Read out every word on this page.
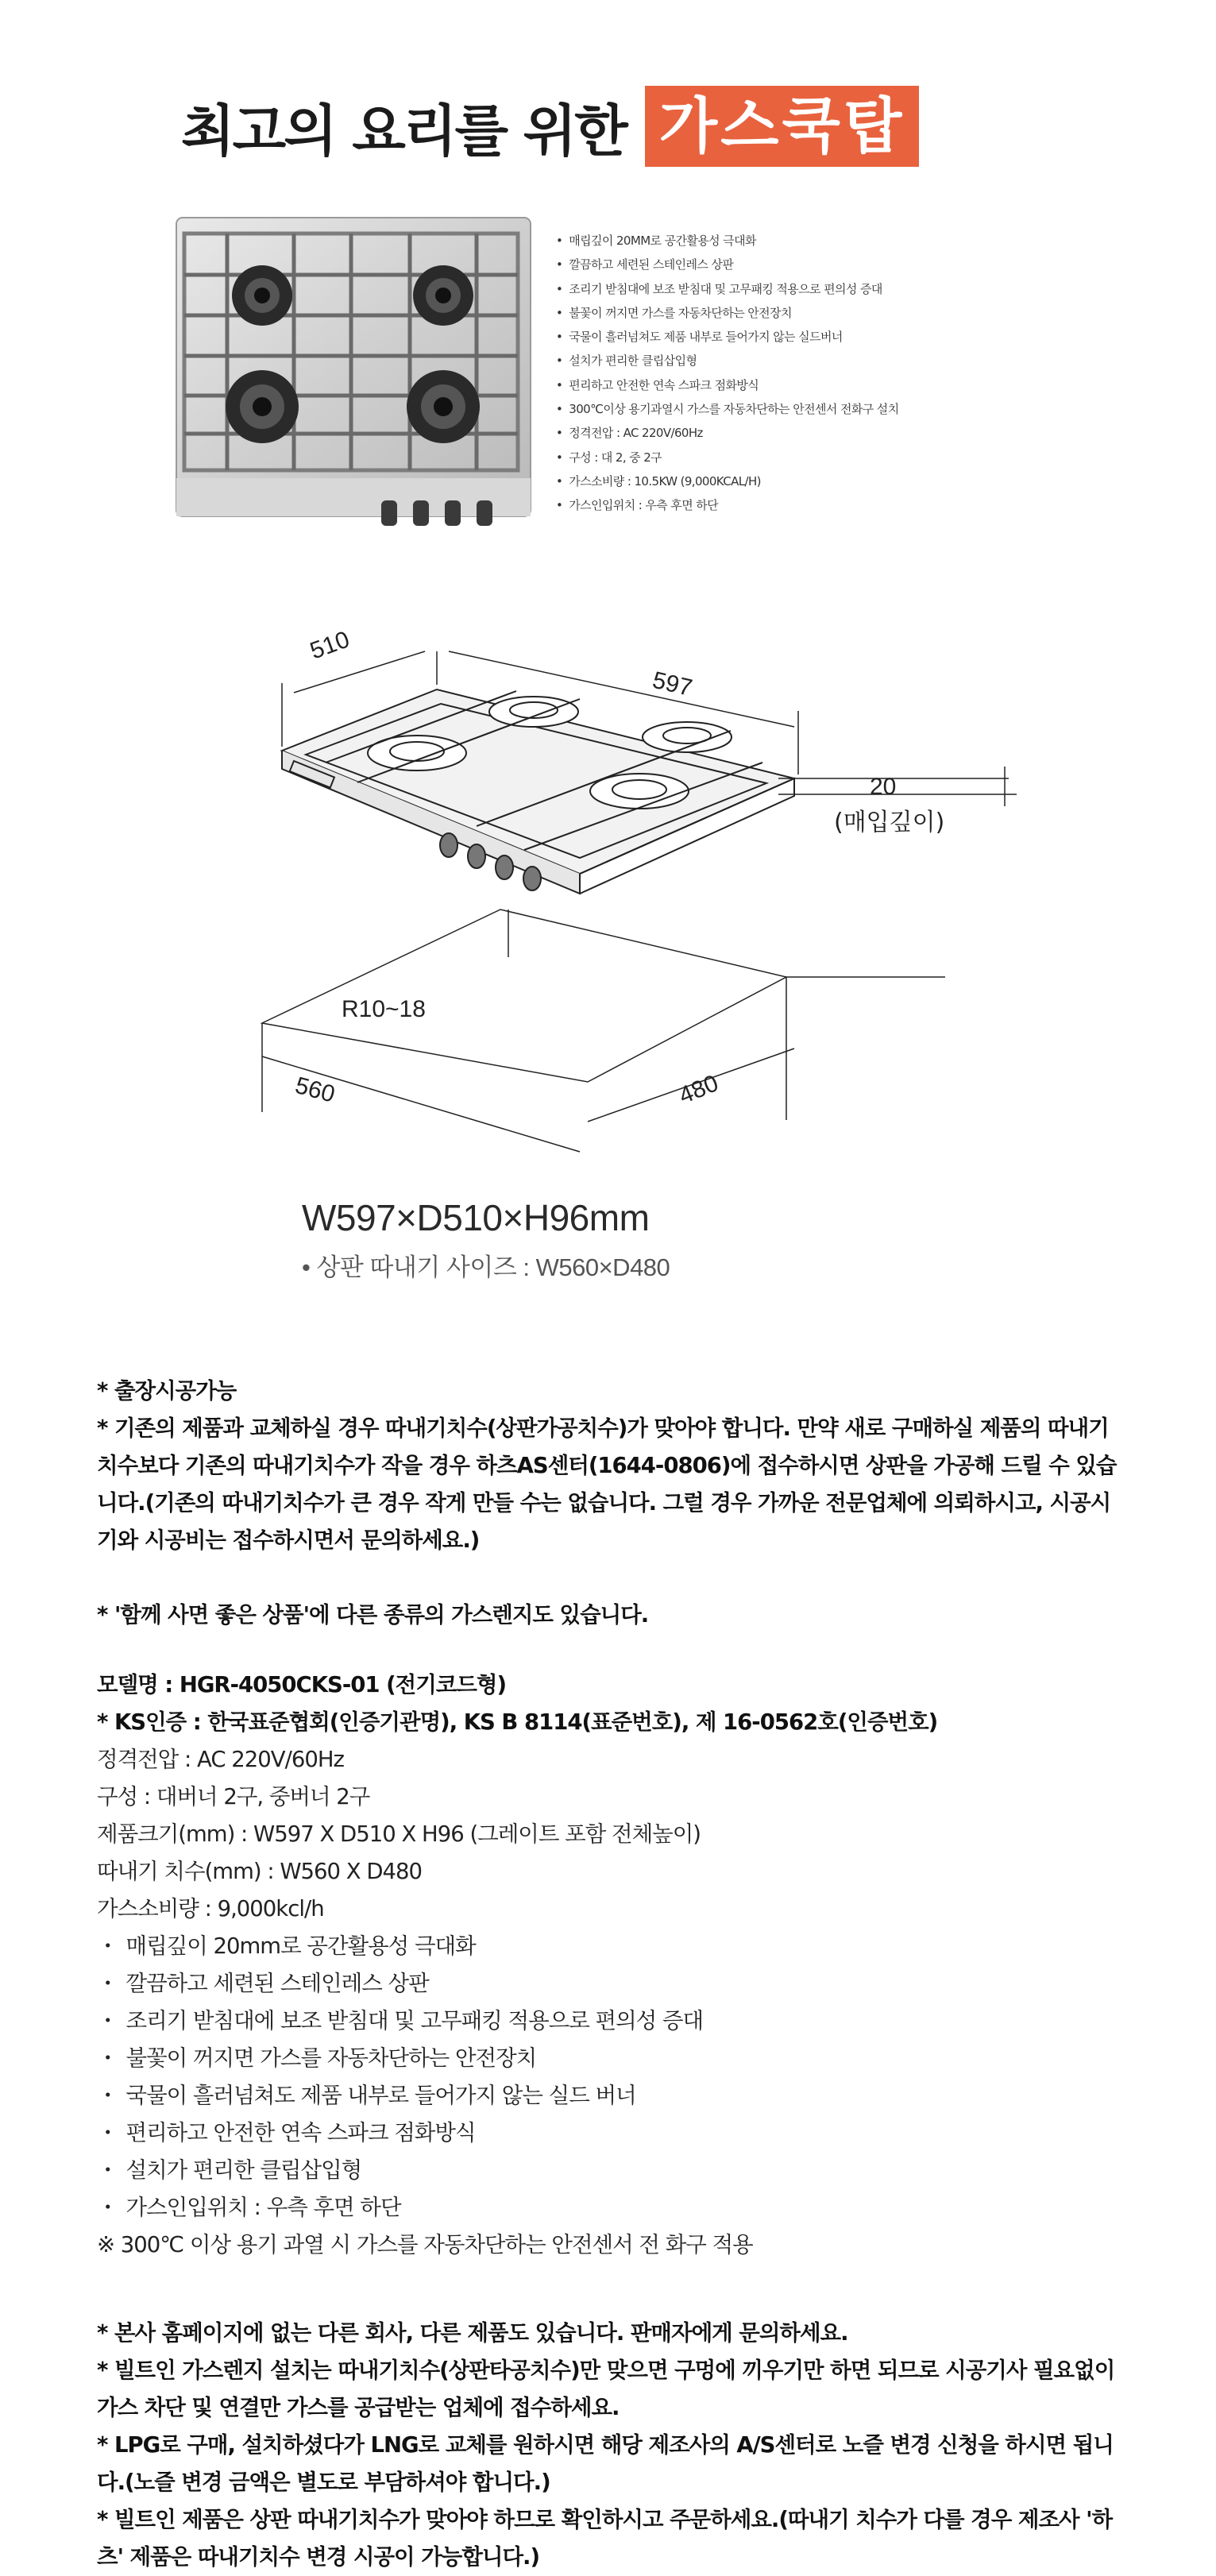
최고의 요리를 위한 가스쿡탑
• 매립깊이 20MM로 공간활용성 극대화
• 깔끔하고 세련된 스테인레스 상판
• 조리기 받침대에 보조 받침대 및 고무패킹 적용으로 편의성 증대
• 불꽃이 꺼지면 가스를 자동차단하는 안전장치
• 국물이 흘러넘쳐도 제품 내부로 들어가지 않는 실드버너
• 설치가 편리한 클립삽입형
• 편리하고 안전한 연속 스파크 점화방식
• 300℃이상 용기과열시 가스를 자동차단하는 안전센서 전화구 설치
• 정격전압 : AC 220V/60Hz
• 구성 : 대 2, 중 2구
• 가스소비량 : 10.5KW (9,000KCAL/H)
• 가스인입위치 : 우측 후면 하단
510
597
20
(매입깊이)
R10~18
560	480
W597×D510×H96mm
• 상판 따내기 사이즈 : W560×D480

* 출장시공가능

* 기존의 제품과 교체하실 경우 따내기치수(상판가공치수)가 맞아야 합니다. 만약 새로 구매하실 제품의 따내기치수보다 기존의 따내기치수가 작을 경우 하츠AS센터(1644-0806)에 접수하시면 상판을 가공해 드릴 수 있습니다.(기존의 따내기치수가 큰 경우 작게 만들 수는 없습니다. 그럴 경우 가까운 전문업체에 의뢰하시고, 시공시기와 시공비는 접수하시면서 문의하세요.)

* '함께 사면 좋은 상품'에 다른 종류의 가스렌지도 있습니다.

모델명 : HGR-4050CKS-01 (전기코드형)

* KS인증 : 한국표준협회(인증기관명), KS B 8114(표준번호), 제 16-0562호(인증번호)

정격전압 : AC 220V/60Hz

구성 : 대버너 2구, 중버너 2구

제품크기(mm) : W597 X D510 X H96 (그레이트 포함 전체높이)

따내기 치수(mm) : W560 X D480

가스소비량 : 9,000kcl/h

・ 매립깊이 20mm로 공간활용성 극대화

・ 깔끔하고 세련된 스테인레스 상판

・ 조리기 받침대에 보조 받침대 및 고무패킹 적용으로 편의성 증대

・ 불꽃이 꺼지면 가스를 자동차단하는 안전장치

・ 국물이 흘러넘쳐도 제품 내부로 들어가지 않는 실드 버너

・ 편리하고 안전한 연속 스파크 점화방식

・ 설치가 편리한 클립삽입형

・ 가스인입위치 : 우측 후면 하단

※ 300℃ 이상 용기 과열 시 가스를 자동차단하는 안전센서 전 화구 적용

* 본사 홈페이지에 없는 다른 회사, 다른 제품도 있습니다. 판매자에게 문의하세요.

* 빌트인 가스렌지 설치는 따내기치수(상판타공치수)만 맞으면 구멍에 끼우기만 하면 되므로 시공기사 필요없이 가스 차단 및 연결만 가스를 공급받는 업체에 접수하세요.

* LPG로 구매, 설치하셨다가 LNG로 교체를 원하시면 해당 제조사의 A/S센터로 노즐 변경 신청을 하시면 됩니다.(노즐 변경 금액은 별도로 부담하셔야 합니다.)

* 빌트인 제품은 상판 따내기치수가 맞아야 하므로 확인하시고 주문하세요.(따내기 치수가 다를 경우 제조사 '하츠' 제품은 따내기치수 변경 시공이 가능합니다.)
